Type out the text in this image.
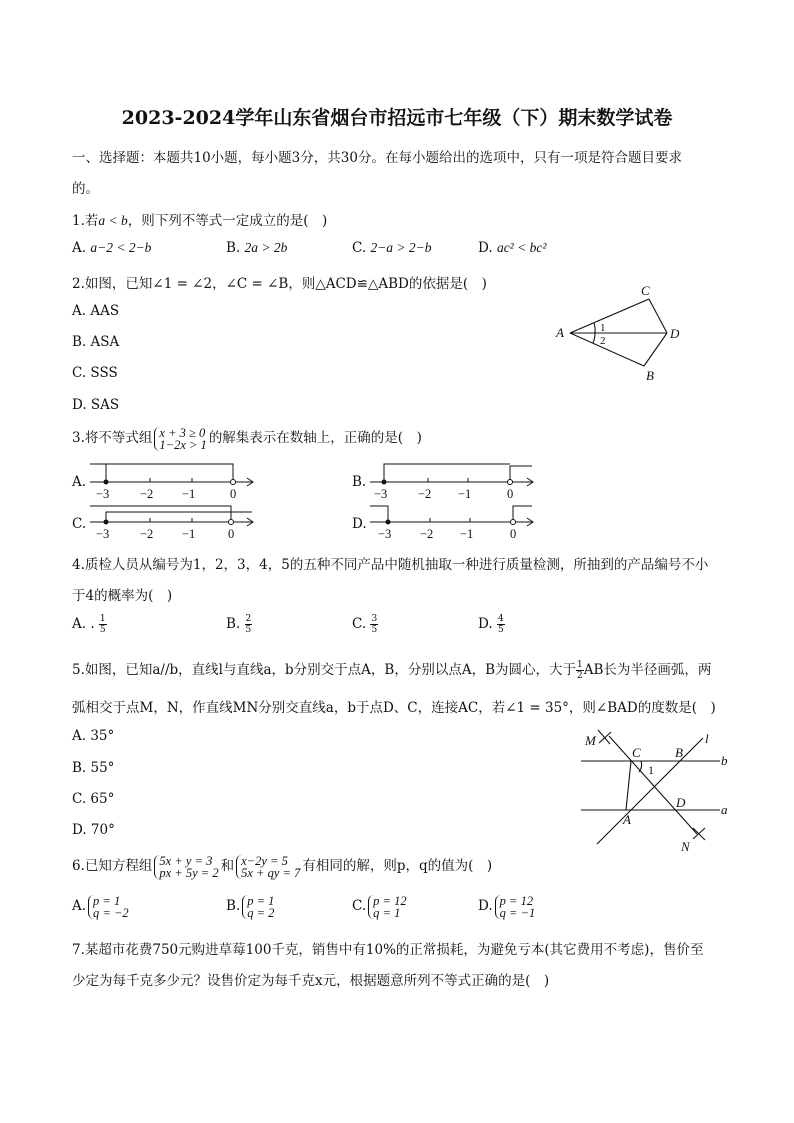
2023-2024学年山东省烟台市招远市七年级（下）期末数学试卷
一、选择题：本题共10小题，每小题3分，共30分。在每小题给出的选项中，只有一项是符合题目要求
的。
1.若a < b，则下列不等式一定成立的是(　)
A. a−2 < 2−b	B. 2a > 2b	C. 2−a > 2−b	D. ac² < bc²
2.如图，已知∠1 = ∠2，∠C = ∠B，则△ACD≌△ABD的依据是(　)
A. AAS
B. ASA
C. SSS
D. SAS
C
A	D
B
1
2
3.将不等式组 x + 3 ≥ 0
1−2x > 1 的解集表示在数轴上，正确的是(　)
A.
−3 −2 −1	0
B.
−3 −2 −1	0
C.
−3 −2 −1	0
D.
−3 −2 −1	0
4.质检人员从编号为1，2，3，4，5的五种不同产品中随机抽取一种进行质量检测，所抽到的产品编号不小
于4的概率为(　)
A. . $\frac{1}{5}$	B. $\frac{2}{5}$	C. $\frac{3}{5}$	D. $\frac{4}{5}$
5.如图，已知a//b，直线l与直线a，b分别交于点A，B，分别以点A，B为圆心，大于 $\frac{1}{2}$ AB长为半径画弧，两
弧相交于点M，N，作直线MN分别交直线a，b于点D、C，连接AC，若∠1 = 35°，则∠BAD的度数是(　)
A. 35°
B. 55°
C. 65°
D. 70°
M
C	B
l
b
D	a
A
N
1
6.已知方程组 5x + y = 3
px + 5y = 2 和 x−2y = 5
5x + qy = 7 有相同的解，则p，q的值为(　)
A. p = 1
q = −2	B. p = 1
q = 2	C. p = 12
q = 1	D. p = 12
q = −1
7.某超市花费750元购进草莓100千克，销售中有10%的正常损耗，为避免亏本(其它费用不考虑)，售价至
少定为每千克多少元？设售价定为每千克x元，根据题意所列不等式正确的是(　)
